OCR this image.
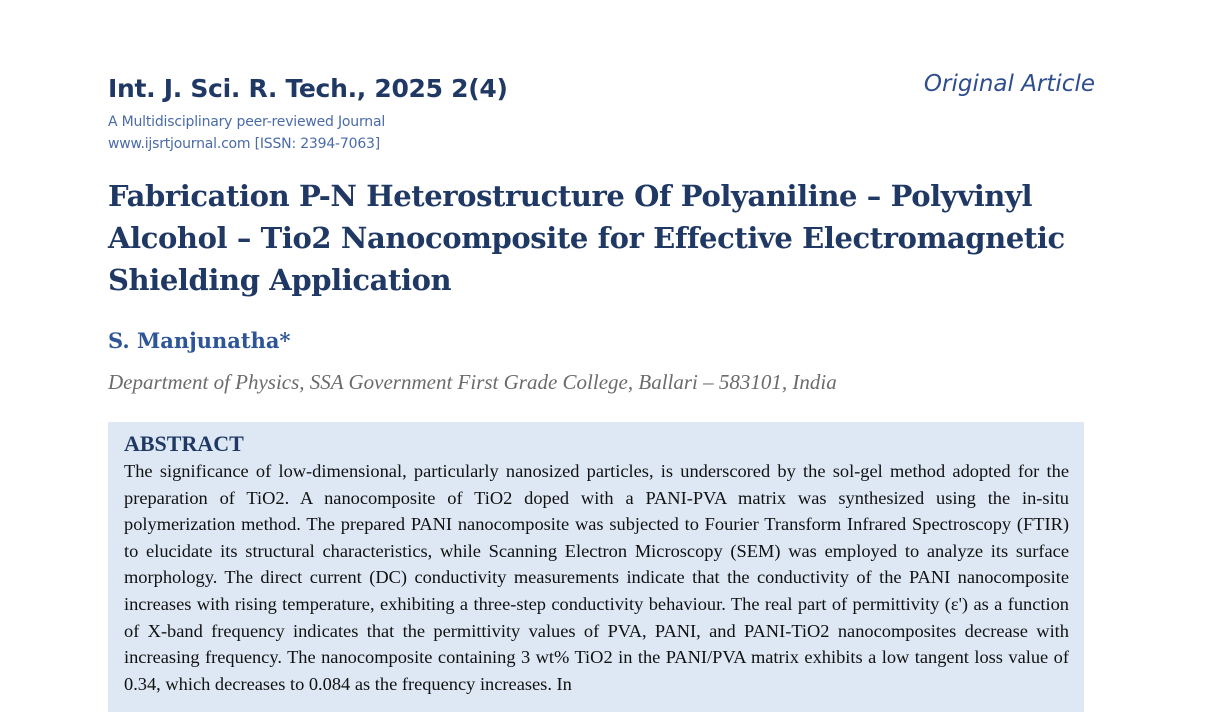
Int. J. Sci. R. Tech., 2025 2(4)	Original Article
A Multidisciplinary peer-reviewed Journal
www.ijsrtjournal.com [ISSN: 2394-7063]
Fabrication P-N Heterostructure Of Polyaniline – Polyvinyl Alcohol – Tio2 Nanocomposite for Effective Electromagnetic Shielding Application
S. Manjunatha*
Department of Physics, SSA Government First Grade College, Ballari – 583101, India
ABSTRACT

The significance of low-dimensional, particularly nanosized particles, is underscored by the sol-gel method adopted for the preparation of TiO2. A nanocomposite of TiO2 doped with a PANI-PVA matrix was synthesized using the in-situ polymerization method. The prepared PANI nanocomposite was subjected to Fourier Transform Infrared Spectroscopy (FTIR) to elucidate its structural characteristics, while Scanning Electron Microscopy (SEM) was employed to analyze its surface morphology. The direct current (DC) conductivity measurements indicate that the conductivity of the PANI nanocomposite increases with rising temperature, exhibiting a three-step conductivity behaviour. The real part of permittivity (ε') as a function of X-band frequency indicates that the permittivity values of PVA, PANI, and PANI-TiO2 nanocomposites decrease with increasing frequency. The nanocomposite containing 3 wt% TiO2 in the PANI/PVA matrix exhibits a low tangent loss value of 0.34, which decreases to 0.084 as the frequency increases. In
